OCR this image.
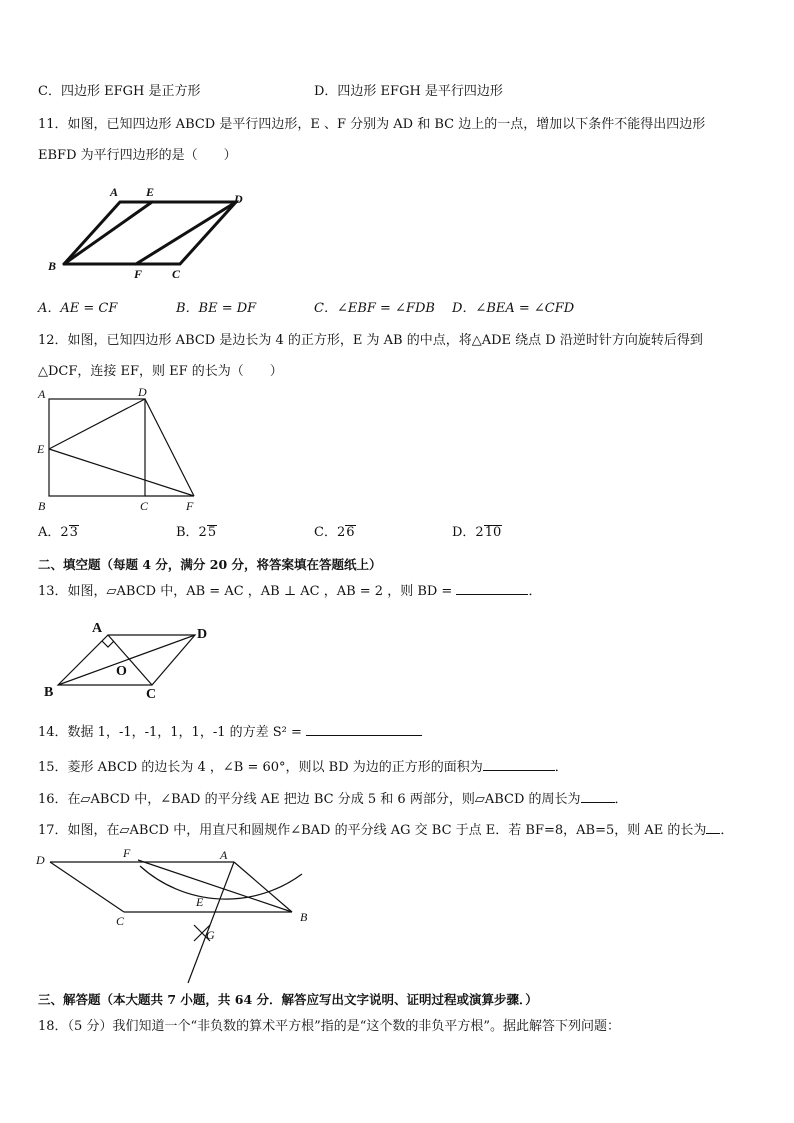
C．四边形 EFGH 是正方形	D．四边形 EFGH 是平行四边形
11．如图，已知四边形 ABCD 是平行四边形，E 、F 分别为 AD 和 BC 边上的一点，增加以下条件不能得出四边形
EBFD 为平行四边形的是（　　）
A E	D
B
F C
A．AE = CF	B．BE = DF	C．∠EBF = ∠FDB D．∠BEA = ∠CFD
12．如图，已知四边形 ABCD 是边长为 4 的正方形，E 为 AB 的中点，将△ADE 绕点 D 沿逆时针方向旋转后得到
△DCF，连接 EF，则 EF 的长为（　　）
A	D
E
B	C	F
A．23	B．25	C．26	D．210
二、填空题（每题 4 分，满分 20 分，将答案填在答题纸上）
13．如图，▱ABCD 中，AB = AC ，AB ⊥ AC ，AB = 2 ，则 BD =	．
A	D
O
B	C
14．数据 1，-1，-1，1，1，-1 的方差 S² =
15．菱形 ABCD 的边长为 4 ，∠B = 60°，则以 BD 为边的正方形的面积为	．
16．在▱ABCD 中，∠BAD 的平分线 AE 把边 BC 分成 5 和 6 两部分，则▱ABCD 的周长为	．
17．如图，在▱ABCD 中，用直尺和圆规作∠BAD 的平分线 AG 交 BC 于点 E．若 BF=8，AB=5，则 AE 的长为 ．
D	F	A
E
C	B
G
三、解答题（本大题共 7 小题，共 64 分．解答应写出文字说明、证明过程或演算步骤．）
18．（5 分）我们知道一个“非负数的算术平方根”指的是“这个数的非负平方根”。据此解答下列问题：
